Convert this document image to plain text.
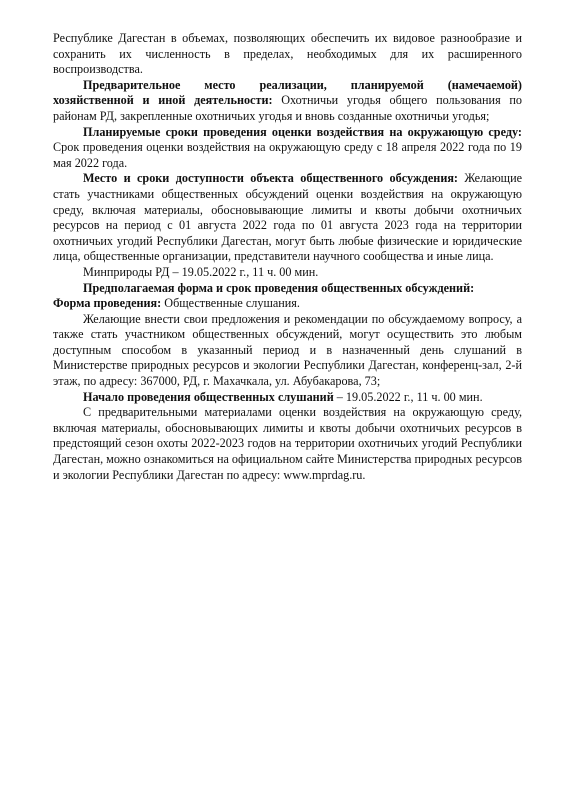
Республике Дагестан в объемах, позволяющих обеспечить их видовое разнообразие и сохранить их численность в пределах, необходимых для их расширенного воспроизводства.

Предварительное место реализации, планируемой (намечаемой) хозяйственной и иной деятельности: Охотничьи угодья общего пользования по районам РД, закрепленные охотничьих угодья и вновь созданные охотничьи угодья;

Планируемые сроки проведения оценки воздействия на окружающую среду: Срок проведения оценки воздействия на окружающую среду с 18 апреля 2022 года по 19 мая 2022 года.

Место и сроки доступности объекта общественного обсуждения: Желающие стать участниками общественных обсуждений оценки воздействия на окружающую среду, включая материалы, обосновывающие лимиты и квоты добычи охотничьих ресурсов на период с 01 августа 2022 года по 01 августа 2023 года на территории охотничьих угодий Республики Дагестан, могут быть любые физические и юридические лица, общественные организации, представители научного сообщества и иные лица.

Минприроды РД – 19.05.2022 г., 11 ч. 00 мин.

Предполагаемая форма и срок проведения общественных обсуждений:
Форма проведения: Общественные слушания.

Желающие внести свои предложения и рекомендации по обсуждаемому вопросу, а также стать участником общественных обсуждений, могут осуществить это любым доступным способом в указанный период и в назначенный день слушаний в Министерстве природных ресурсов и экологии Республики Дагестан, конференц-зал, 2-й этаж, по адресу: 367000, РД, г. Махачкала, ул. Абубакарова, 73;

Начало проведения общественных слушаний – 19.05.2022 г., 11 ч. 00 мин.

С предварительными материалами оценки воздействия на окружающую среду, включая материалы, обосновывающих лимиты и квоты добычи охотничьих ресурсов в предстоящий сезон охоты 2022-2023 годов на территории охотничьих угодий Республики Дагестан, можно ознакомиться на официальном сайте Министерства природных ресурсов и экологии Республики Дагестан по адресу: www.mprdag.ru.
